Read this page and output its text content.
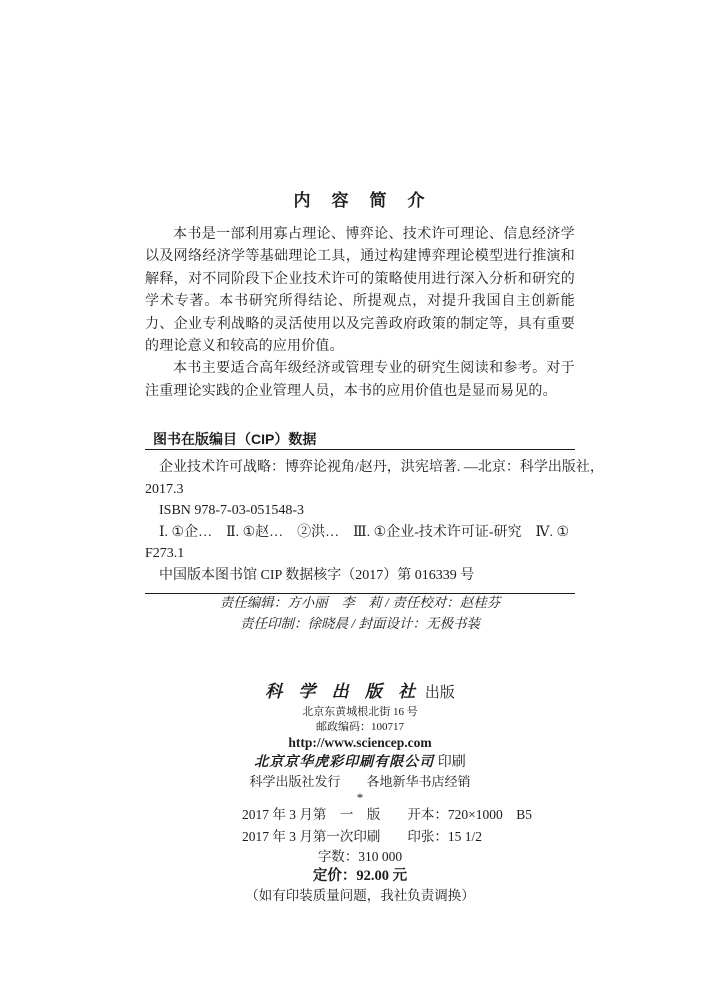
内　容　简　介

本书是一部利用寡占理论、博弈论、技术许可理论、信息经济学以及网络经济学等基础理论工具，通过构建博弈理论模型进行推演和解释，对不同阶段下企业技术许可的策略使用进行深入分析和研究的学术专著。本书研究所得结论、所提观点，对提升我国自主创新能力、企业专利战略的灵活使用以及完善政府政策的制定等，具有重要的理论意义和较高的应用价值。

本书主要适合高年级经济或管理专业的研究生阅读和参考。对于注重理论实践的企业管理人员，本书的应用价值也是显而易见的。

图书在版编目（CIP）数据
企业技术许可战略：博弈论视角/赵丹，洪宪培著. —北京：科学出版社，
2017.3
ISBN 978-7-03-051548-3
Ⅰ. ①企…　Ⅱ. ①赵…　②洪…　Ⅲ. ①企业-技术许可证-研究　Ⅳ. ①
F273.1
中国版本图书馆 CIP 数据核字（2017）第 016339 号
责任编辑：方小丽　李　莉 / 责任校对：赵桂芬
责任印制：徐晓晨 / 封面设计：无极书装
科 学 出 版 社 出版
北京东黄城根北街 16 号
邮政编码：100717
http://www.sciencep.com
北京京华虎彩印刷有限公司 印刷
科学出版社发行　　各地新华书店经销
*
2017 年 3 月第　一　版　　开本：720×1000　B5
2017 年 3 月第一次印刷　　印张：15 1/2
字数：310 000
定价：92.00 元
（如有印装质量问题，我社负责调换）
